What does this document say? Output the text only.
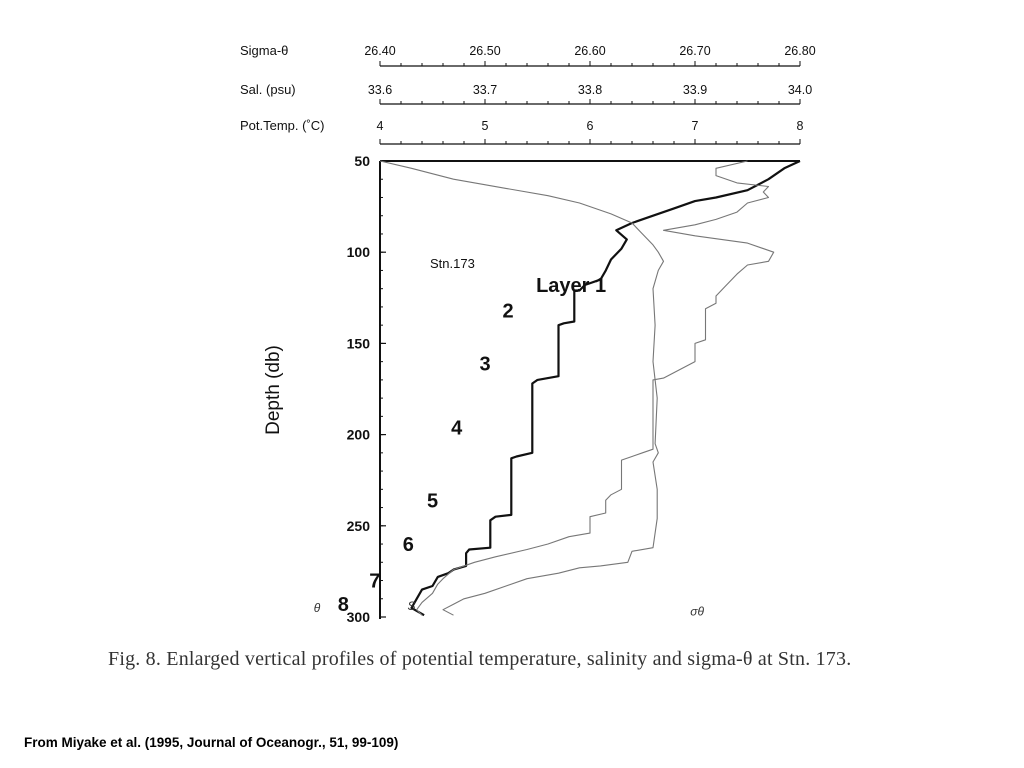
Sigma-θ	26.40	26.50	26.60	26.70	26.80
Sal. (psu)	33.6	33.7	33.8	33.9	34.0
Pot.Temp. (˚C)	4	5	6	7	8
50
100
150
200
250
300
Depth (db)
Stn.173
Layer 1
2
3
4
5
6
7
8
θ	S	σθ
Fig. 8. Enlarged vertical profiles of potential temperature, salinity and sigma-θ at Stn. 173.
From Miyake et al. (1995, Journal of Oceanogr., 51, 99-109)
